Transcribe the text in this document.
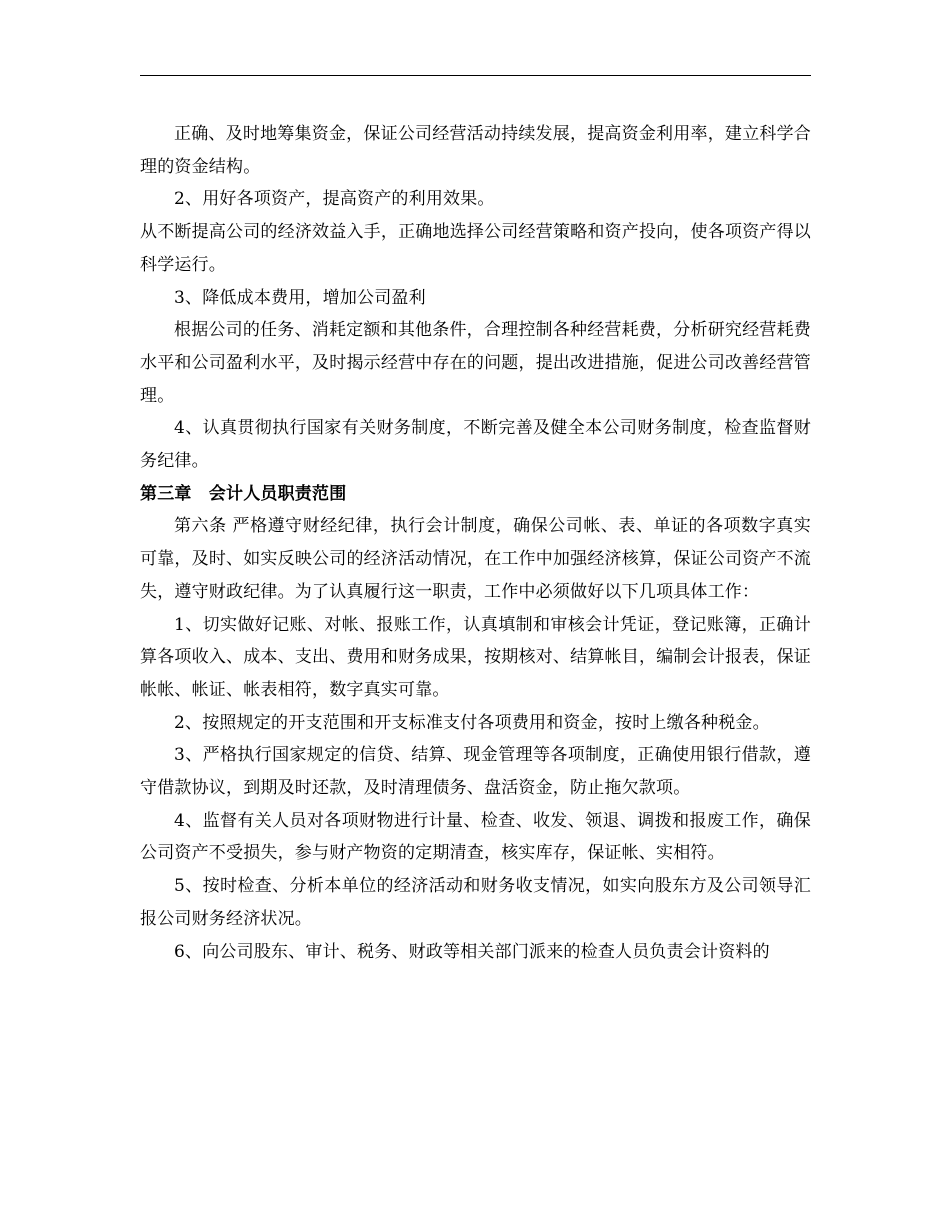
正确、及时地筹集资金，保证公司经营活动持续发展，提高资金利用率，建立科学合理的资金结构。

2、用好各项资产，提高资产的利用效果。

从不断提高公司的经济效益入手，正确地选择公司经营策略和资产投向，使各项资产得以科学运行。

3、降低成本费用，增加公司盈利

根据公司的任务、消耗定额和其他条件，合理控制各种经营耗费，分析研究经营耗费水平和公司盈利水平，及时揭示经营中存在的问题，提出改进措施，促进公司改善经营管理。

4、认真贯彻执行国家有关财务制度，不断完善及健全本公司财务制度，检查监督财务纪律。

第三章　会计人员职责范围

第六条 严格遵守财经纪律，执行会计制度，确保公司帐、表、单证的各项数字真实可靠，及时、如实反映公司的经济活动情况，在工作中加强经济核算，保证公司资产不流失，遵守财政纪律。为了认真履行这一职责，工作中必须做好以下几项具体工作：

1、切实做好记账、对帐、报账工作，认真填制和审核会计凭证，登记账簿，正确计算各项收入、成本、支出、费用和财务成果，按期核对、结算帐目，编制会计报表，保证帐帐、帐证、帐表相符，数字真实可靠。

2、按照规定的开支范围和开支标准支付各项费用和资金，按时上缴各种税金。

3、严格执行国家规定的信贷、结算、现金管理等各项制度，正确使用银行借款，遵守借款协议，到期及时还款，及时清理债务、盘活资金，防止拖欠款项。

4、监督有关人员对各项财物进行计量、检查、收发、领退、调拨和报废工作，确保公司资产不受损失，参与财产物资的定期清查，核实库存，保证帐、实相符。

5、按时检查、分析本单位的经济活动和财务收支情况，如实向股东方及公司领导汇报公司财务经济状况。

6、向公司股东、审计、税务、财政等相关部门派来的检查人员负责会计资料的
